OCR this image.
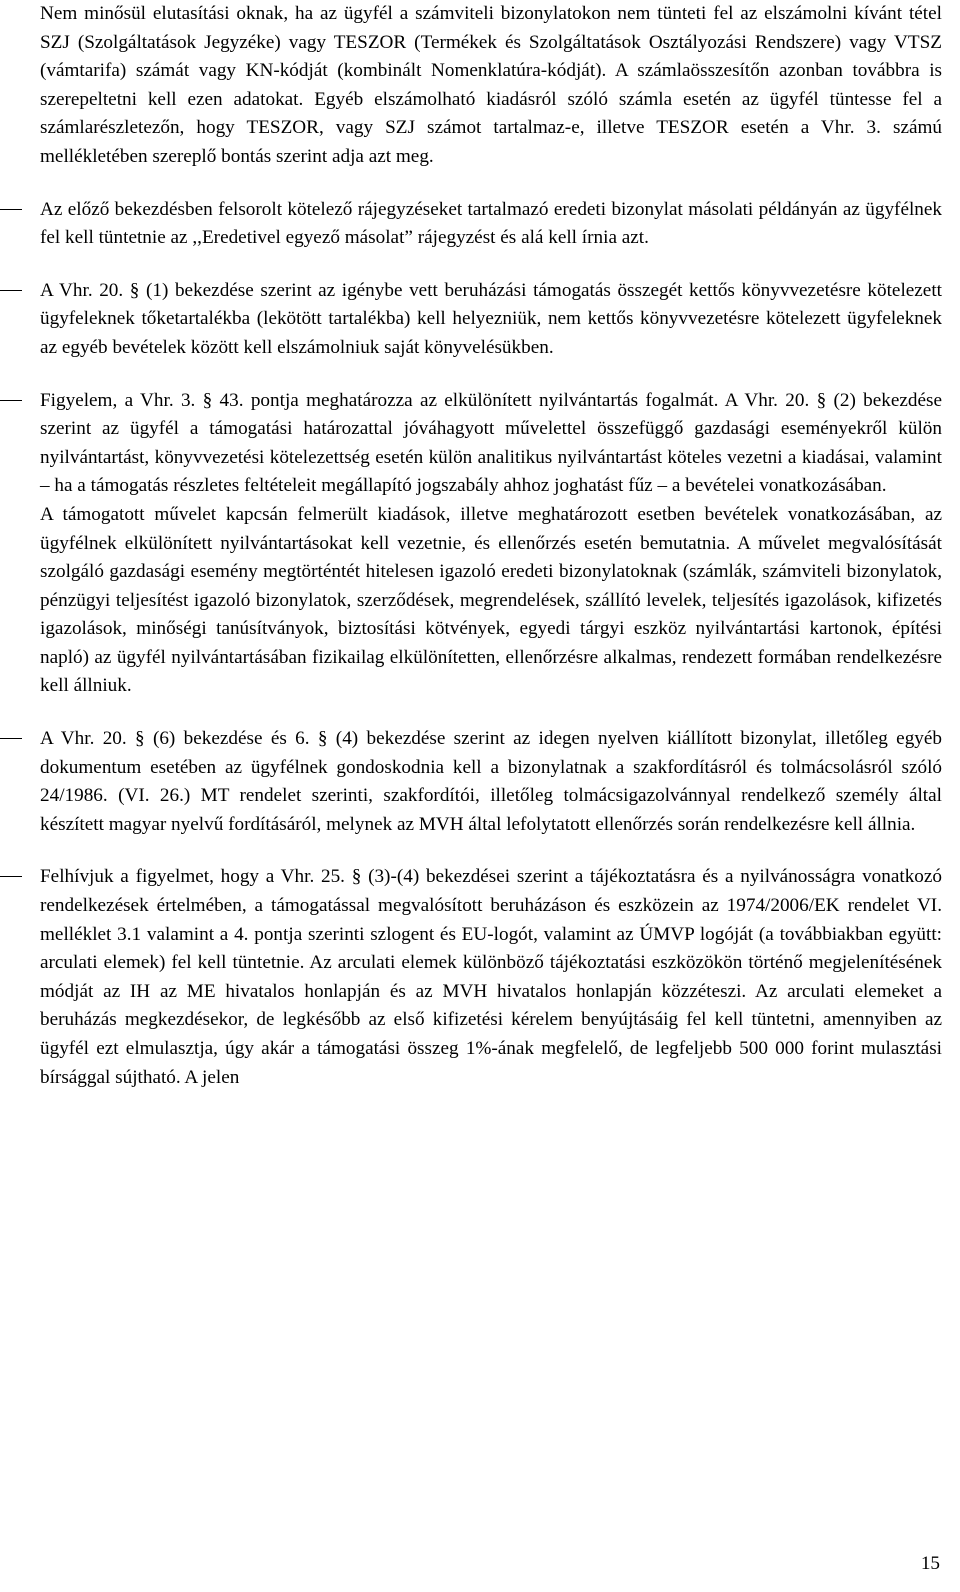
Nem minősül elutasítási oknak, ha az ügyfél a számviteli bizonylatokon nem tünteti fel az elszámolni kívánt tétel SZJ (Szolgáltatások Jegyzéke) vagy TESZOR (Termékek és Szolgáltatások Osztályozási Rendszere) vagy VTSZ (vámtarifa) számát vagy KN-kódját (kombinált Nomenklatúra-kódját). A számlaösszesítőn azonban továbbra is szerepeltetni kell ezen adatokat. Egyéb elszámolható kiadásról szóló számla esetén az ügyfél tüntesse fel a számlarészletezőn, hogy TESZOR, vagy SZJ számot tartalmaz-e, illetve TESZOR esetén a Vhr. 3. számú mellékletében szereplő bontás szerint adja azt meg.

Az előző bekezdésben felsorolt kötelező rájegyzéseket tartalmazó eredeti bizonylat másolati példányán az ügyfélnek fel kell tüntetnie az ,,Eredetivel egyező másolat” rájegyzést és alá kell írnia azt.

A Vhr. 20. § (1) bekezdése szerint az igénybe vett beruházási támogatás összegét kettős könyvvezetésre kötelezett ügyfeleknek tőketartalékba (lekötött tartalékba) kell helyezniük, nem kettős könyvvezetésre kötelezett ügyfeleknek az egyéb bevételek között kell elszámolniuk saját könyvelésükben.

Figyelem, a Vhr. 3. § 43. pontja meghatározza az elkülönített nyilvántartás fogalmát. A Vhr. 20. § (2) bekezdése szerint az ügyfél a támogatási határozattal jóváhagyott művelettel összefüggő gazdasági eseményekről külön nyilvántartást, könyvvezetési kötelezettség esetén külön analitikus nyilvántartást köteles vezetni a kiadásai, valamint – ha a támogatás részletes feltételeit megállapító jogszabály ahhoz joghatást fűz – a bevételei vonatkozásában.

A támogatott művelet kapcsán felmerült kiadások, illetve meghatározott esetben bevételek vonatkozásában, az ügyfélnek elkülönített nyilvántartásokat kell vezetnie, és ellenőrzés esetén bemutatnia. A művelet megvalósítását szolgáló gazdasági esemény megtörténtét hitelesen igazoló eredeti bizonylatoknak (számlák, számviteli bizonylatok, pénzügyi teljesítést igazoló bizonylatok, szerződések, megrendelések, szállító levelek, teljesítés igazolások, kifizetés igazolások, minőségi tanúsítványok, biztosítási kötvények, egyedi tárgyi eszköz nyilvántartási kartonok, építési napló) az ügyfél nyilvántartásában fizikailag elkülönítetten, ellenőrzésre alkalmas, rendezett formában rendelkezésre kell állniuk.

A Vhr. 20. § (6) bekezdése és 6. § (4) bekezdése szerint az idegen nyelven kiállított bizonylat, illetőleg egyéb dokumentum esetében az ügyfélnek gondoskodnia kell a bizonylatnak a szakfordításról és tolmácsolásról szóló 24/1986. (VI. 26.) MT rendelet szerinti, szakfordítói, illetőleg tolmácsigazolvánnyal rendelkező személy által készített magyar nyelvű fordításáról, melynek az MVH által lefolytatott ellenőrzés során rendelkezésre kell állnia.

Felhívjuk a figyelmet, hogy a Vhr. 25. § (3)-(4) bekezdései szerint a tájékoztatásra és a nyilvánosságra vonatkozó rendelkezések értelmében, a támogatással megvalósított beruházáson és eszközein az 1974/2006/EK rendelet VI. melléklet 3.1 valamint a 4. pontja szerinti szlogent és EU-logót, valamint az ÚMVP logóját (a továbbiakban együtt: arculati elemek) fel kell tüntetnie. Az arculati elemek különböző tájékoztatási eszközökön történő megjelenítésének módját az IH az ME hivatalos honlapján és az MVH hivatalos honlapján közzéteszi. Az arculati elemeket a beruházás megkezdésekor, de legkésőbb az első kifizetési kérelem benyújtásáig fel kell tüntetni, amennyiben az ügyfél ezt elmulasztja, úgy akár a támogatási összeg 1%-ának megfelelő, de legfeljebb 500 000 forint mulasztási bírsággal sújtható. A jelen

15
